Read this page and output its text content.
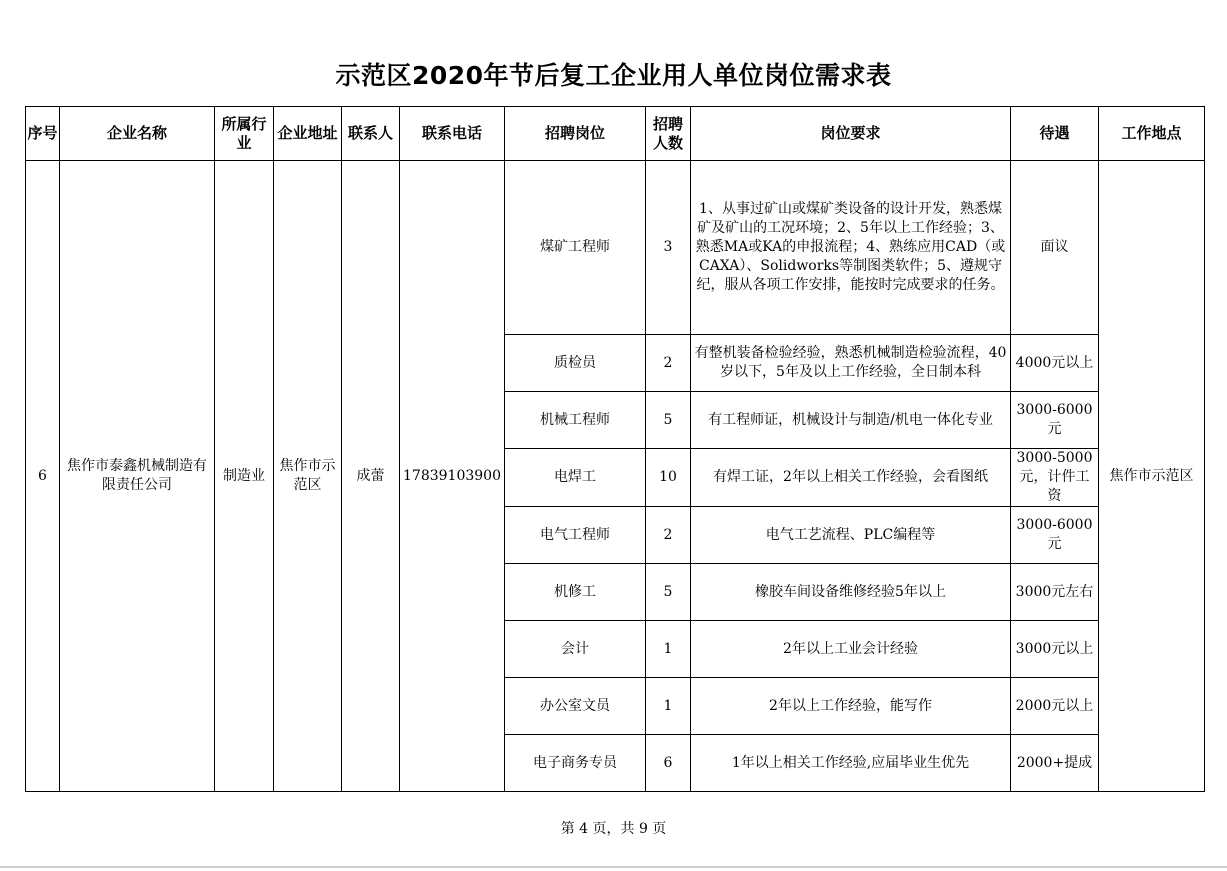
示范区2020年节后复工企业用人单位岗位需求表
序号	企业名称	所属行业	企业地址	联系人	联系电话	招聘岗位	招聘人数	岗位要求	待遇	工作地点
6	焦作市泰鑫机械制造有限责任公司	制造业	焦作市示范区	成蕾	17839103900	煤矿工程师	3	1、从事过矿山或煤矿类设备的设计开发，熟悉煤矿及矿山的工况环境；2、5年以上工作经验；3、熟悉MA或KA的申报流程；4、熟练应用CAD（或CAXA）、Solidworks等制图类软件；5、遵规守纪，服从各项工作安排，能按时完成要求的任务。	面议	焦作市示范区
						质检员	2	有整机装备检验经验，熟悉机械制造检验流程，40岁以下，5年及以上工作经验，全日制本科	4000元以上	
						机械工程师	5	有工程师证，机械设计与制造/机电一体化专业	3000-6000元	
						电焊工	10	有焊工证，2年以上相关工作经验，会看图纸	3000-5000元，计件工资	
						电气工程师	2	电气工艺流程、PLC编程等	3000-6000元	
						机修工	5	橡胶车间设备维修经验5年以上	3000元左右	
						会计	1	2年以上工业会计经验	3000元以上	
						办公室文员	1	2年以上工作经验，能写作	2000元以上	
						电子商务专员	6	1年以上相关工作经验,应届毕业生优先	2000+提成	
第 4 页，共 9 页
